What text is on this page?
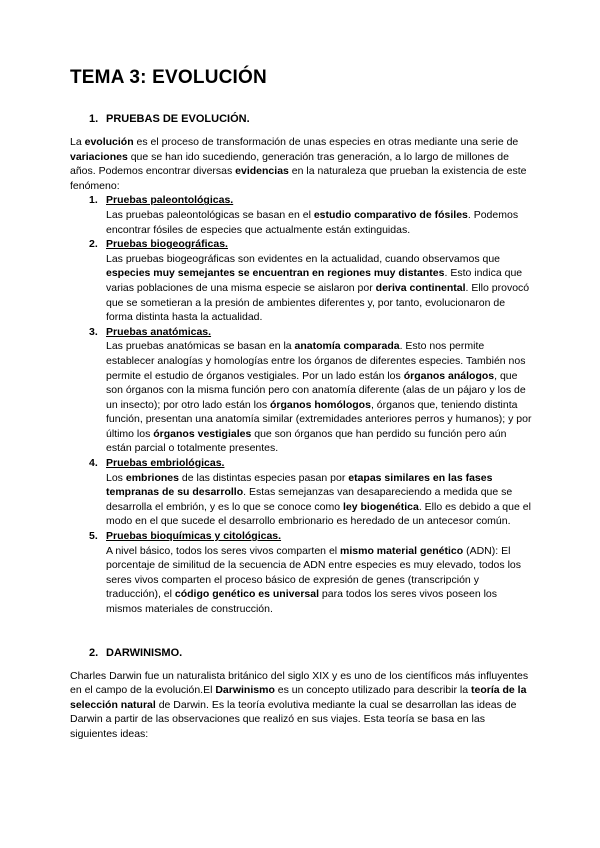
TEMA 3: EVOLUCIÓN
1. PRUEBAS DE EVOLUCIÓN.

La evolución es el proceso de transformación de unas especies en otras mediante una serie de variaciones que se han ido sucediendo, generación tras generación, a lo largo de millones de años. Podemos encontrar diversas evidencias en la naturaleza que prueban la existencia de este fenómeno:

1. Pruebas paleontológicas.
Las pruebas paleontológicas se basan en el estudio comparativo de fósiles. Podemos encontrar fósiles de especies que actualmente están extinguidas.
2. Pruebas biogeográficas.
Las pruebas biogeográficas son evidentes en la actualidad, cuando observamos que especies muy semejantes se encuentran en regiones muy distantes. Esto indica que varias poblaciones de una misma especie se aislaron por deriva continental. Ello provocó que se sometieran a la presión de ambientes diferentes y, por tanto, evolucionaron de forma distinta hasta la actualidad.
3. Pruebas anatómicas.
Las pruebas anatómicas se basan en la anatomía comparada. Esto nos permite establecer analogías y homologías entre los órganos de diferentes especies. También nos permite el estudio de órganos vestigiales. Por un lado están los órganos análogos, que son órganos con la misma función pero con anatomía diferente (alas de un pájaro y los de un insecto); por otro lado están los órganos homólogos, órganos que, teniendo distinta función, presentan una anatomía similar (extremidades anteriores perros y humanos); y por último los órganos vestigiales que son órganos que han perdido su función pero aún están parcial o totalmente presentes.
4. Pruebas embriológicas.
Los embriones de las distintas especies pasan por etapas similares en las fases tempranas de su desarrollo. Estas semejanzas van desapareciendo a medida que se desarrolla el embrión, y es lo que se conoce como ley biogenética. Ello es debido a que el modo en el que sucede el desarrollo embrionario es heredado de un antecesor común.
5. Pruebas bioquímicas y citológicas.
A nivel básico, todos los seres vivos comparten el mismo material genético (ADN): El porcentaje de similitud de la secuencia de ADN entre especies es muy elevado, todos los seres vivos comparten el proceso básico de expresión de genes (transcripción y traducción), el código genético es universal para todos los seres vivos poseen los mismos materiales de construcción.
2. DARWINISMO.

Charles Darwin fue un naturalista británico del siglo XIX y es uno de los científicos más influyentes en el campo de la evolución.El Darwinismo es un concepto utilizado para describir la teoría de la selección natural de Darwin. Es la teoría evolutiva mediante la cual se desarrollan las ideas de Darwin a partir de las observaciones que realizó en sus viajes. Esta teoría se basa en las siguientes ideas:
